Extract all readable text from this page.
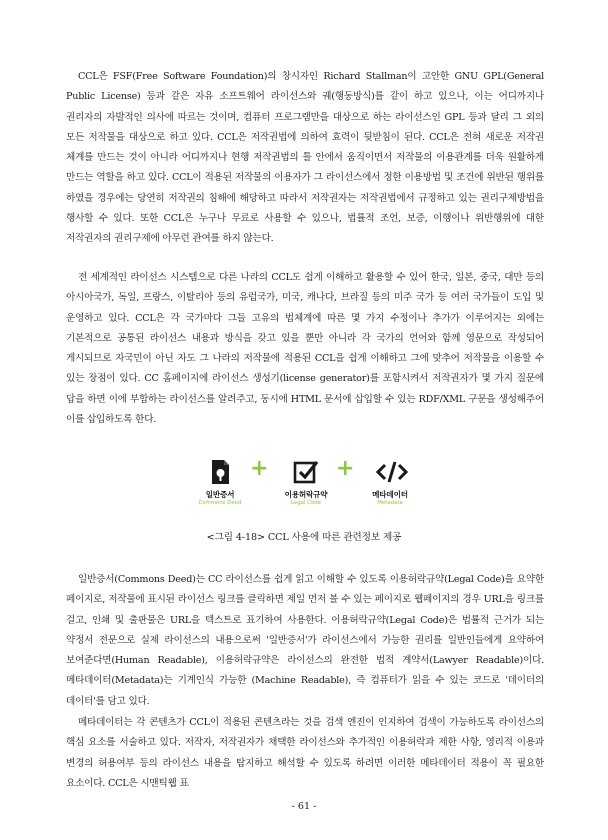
CCL은 FSF(Free Software Foundation)의 창시자인 Richard Stallman이 고안한 GNU GPL(General Public License) 등과 같은 자유 소프트웨어 라이선스와 궤(행동방식)를 같이 하고 있으나, 이는 어디까지나 권리자의 자발적인 의사에 따르는 것이며, 컴퓨터 프로그램만을 대상으로 하는 라이선스인 GPL 등과 달리 그 외의 모든 저작물을 대상으로 하고 있다. CCL은 저작권법에 의하여 효력이 뒷받침이 된다. CCL은 전혀 새로운 저작권 체계를 만드는 것이 아니라 어디까지나 현행 저작권법의 틀 안에서 움직이면서 저작물의 이용관계를 더욱 원활하게 만드는 역할을 하고 있다. CCL이 적용된 저작물의 이용자가 그 라이선스에서 정한 이용방법 및 조건에 위반된 행위를 하였을 경우에는 당연히 저작권의 침해에 해당하고 따라서 저작권자는 저작권법에서 규정하고 있는 권리구제방법을 행사할 수 있다. 또한 CCL은 누구나 무료로 사용할 수 있으나, 법률적 조언, 보증, 이행이나 위반행위에 대한 저작권자의 권리구제에 아무런 관여를 하지 않는다.

전 세계적인 라이선스 시스템으로 다른 나라의 CCL도 쉽게 이해하고 활용할 수 있어 한국, 일본, 중국, 대만 등의 아시아국가, 독일, 프랑스, 이탈리아 등의 유럽국가, 미국, 캐나다, 브라질 등의 미주 국가 등 여러 국가들이 도입 및 운영하고 있다. CCL은 각 국가마다 그들 고유의 법체계에 따른 몇 가지 수정이나 추가가 이루어지는 외에는 기본적으로 공통된 라이선스 내용과 방식을 갖고 있을 뿐만 아니라 각 국가의 언어와 함께 영문으로 작성되어 게시되므로 자국민이 아닌 자도 그 나라의 저작물에 적용된 CCL을 쉽게 이해하고 그에 맞추어 저작물을 이용할 수 있는 장점이 있다. CC 홈페이지에 라이선스 생성기(license generator)를 포함시켜서 저작권자가 몇 가지 질문에 답을 하면 이에 부합하는 라이선스를 알려주고, 동시에 HTML 문서에 삽입할 수 있는 RDF/XML 구문을 생성해주어 이를 삽입하도록 한다.

일반증서
Commons Deed
+
이용허락규약
Legal Code
+
메타데이터
Metadata
<그림 4-18> CCL 사용에 따른 관련정보 제공

일반증서(Commons Deed)는 CC 라이선스를 쉽게 읽고 이해할 수 있도록 이용허락규약(Legal Code)을 요약한 페이지로, 저작물에 표시된 라이선스 링크를 클릭하면 제일 먼저 볼 수 있는 페이지로 웹페이지의 경우 URL을 링크를 걸고, 인쇄 및 출판물은 URL을 텍스트로 표기하여 사용한다. 이용허락규약(Legal Code)은 법률적 근거가 되는 약정서 전문으로 실제 라이선스의 내용으로써 '일반증서'가 라이선스에서 가능한 권리를 일반인들에게 요약하여 보여준다면(Human Readable), 이용허락규약은 라이선스의 완전한 법적 계약서(Lawyer Readable)이다. 메타데이터(Metadata)는 기계인식 가능한 (Machine Readable), 즉 컴퓨터가 읽을 수 있는 코드로 '데이터의 데이터'를 담고 있다.

메타데이터는 각 콘텐츠가 CCL이 적용된 콘텐츠라는 것을 검색 엔진이 인지하여 검색이 가능하도록 라이선스의 핵심 요소를 서술하고 있다. 저작자, 저작권자가 채택한 라이선스와 추가적인 이용허락과 제한 사항, 영리적 이용과 변경의 허용여부 등의 라이선스 내용을 탐지하고 해석할 수 있도록 하려면 이러한 메타데이터 적용이 꼭 필요한 요소이다. CCL은 시맨틱웹 표

- 61 -
